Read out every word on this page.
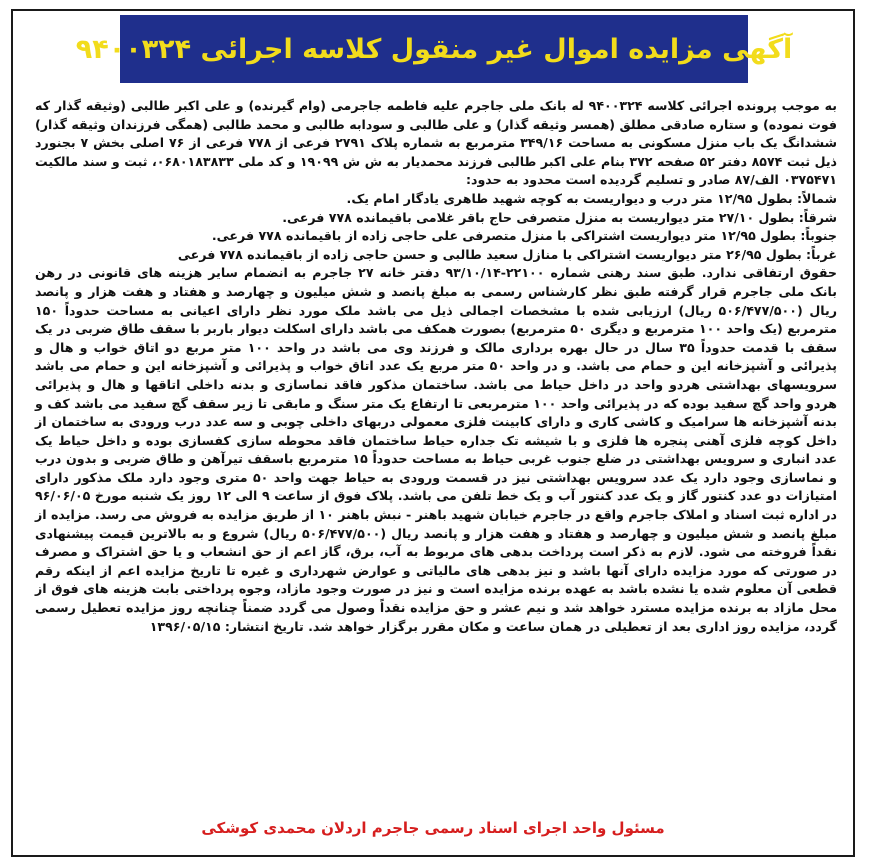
آگهی مزایده اموال غیر منقول کلاسه اجرائی ۹۴۰۰۳۲۴

به موجب پرونده اجرائی کلاسه ۹۴۰۰۳۲۴ له بانک ملی جاجرم علیه فاطمه جاجرمی (وام گیرنده) و علی اکبر طالبی (وثیقه گذار که فوت نموده) و ستاره صادقی مطلق (همسر وثیقه گذار) و علی طالبی و سودابه طالبی و محمد طالبی (همگی فرزندان وثیقه گذار) ششدانگ یک باب منزل مسکونی به مساحت ۳۴۹/۱۶ مترمربع به شماره پلاک ۲۷۹۱ فرعی از ۷۷۸ فرعی از ۷۶ اصلی بخش ۷ بجنورد ذیل ثبت ۸۵۷۴ دفتر ۵۲ صفحه ۳۷۲ بنام علی اکبر طالبی فرزند محمدیار به ش ش ۱۹۰۹۹ و کد ملی ۰۶۸۰۱۸۳۸۳۳، ثبت و سند مالکیت ۰۳۷۵۴۷۱ الف/۸۷ صادر و تسلیم گردیده است محدود به حدود:

شمالاً: بطول ۱۲/۹۵ متر درب و دیواریست به کوچه شهید طاهری یادگار امام یک.

شرقاً: بطول ۲۷/۱۰ متر دیواریست به منزل متصرفی حاج باقر غلامی باقیمانده ۷۷۸ فرعی.

جنوباً: بطول ۱۲/۹۵ متر دیواریست اشتراکی با منزل متصرفی علی حاجی زاده از باقیمانده ۷۷۸ فرعی.

غرباً: بطول ۲۶/۹۵ متر دیواریست اشتراکی با منازل سعید طالبی و حسن حاجی زاده از باقیمانده ۷۷۸ فرعی

حقوق ارتفاقی ندارد. طبق سند رهنی شماره ۲۲۱۰۰-۹۳/۱۰/۱۴ دفتر خانه ۲۷ جاجرم به انضمام سایر هزینه های قانونی در رهن بانک ملی جاجرم قرار گرفته طبق نظر کارشناس رسمی به مبلغ پانصد و شش میلیون و چهارصد و هفتاد و هفت هزار و پانصد ریال (۵۰۶/۴۷۷/۵۰۰ ریال) ارزیابی شده با مشخصات اجمالی ذیل می باشد ملک مورد نظر دارای اعیانی به مساحت حدوداً ۱۵۰ مترمربع (یک واحد ۱۰۰ مترمربع و دیگری ۵۰ مترمربع) بصورت همکف می باشد دارای اسکلت دیوار باربر با سقف طاق ضربی در یک سقف با قدمت حدوداً ۳۵ سال در حال بهره برداری مالک و فرزند وی می باشد در واحد ۱۰۰ متر مربع دو اتاق خواب و هال و پذیرائی و آشپزخانه این و حمام می باشد. و در واحد ۵۰ متر مربع یک عدد اتاق خواب و پذیرائی و آشپزخانه این و حمام می باشد سرویسهای بهداشتی هردو واحد در داخل حیاط می باشد. ساختمان مذکور فاقد نماسازی و بدنه داخلی اتاقها و هال و پذیرائی هردو واحد گچ سفید بوده که در پذیرائی واحد ۱۰۰ مترمربعی تا ارتفاع یک متر سنگ و مابقی تا زیر سقف گچ سفید می باشد کف و بدنه آشپزخانه ها سرامیک و کاشی کاری و دارای کابینت فلزی معمولی دربهای داخلی چوبی و سه عدد درب ورودی به ساختمان از داخل کوچه فلزی آهنی پنجره ها فلزی و با شیشه تک جداره حیاط ساختمان فاقد محوطه سازی کفسازی بوده و داخل حیاط یک عدد انباری و سرویس بهداشتی در ضلع جنوب غربی حیاط به مساحت حدوداً ۱۵ مترمربع باسقف تیرآهن و طاق ضربی و بدون درب و نماسازی وجود دارد یک عدد سرویس بهداشتی نیز در قسمت ورودی به حیاط جهت واحد ۵۰ متری وجود دارد ملک مذکور دارای امتیازات دو عدد کنتور گاز و یک عدد کنتور آب و یک خط تلفن می باشد. پلاک فوق از ساعت ۹ الی ۱۲ روز یک شنبه مورخ ۹۶/۰۶/۰۵ در اداره ثبت اسناد و املاک جاجرم واقع در جاجرم خیابان شهید باهنر - نبش باهنر ۱۰ از طریق مزایده به فروش می رسد. مزایده از مبلغ پانصد و شش میلیون و چهارصد و هفتاد و هفت هزار و پانصد ریال (۵۰۶/۴۷۷/۵۰۰ ریال) شروع و به بالاترین قیمت پیشنهادی نقداً فروخته می شود. لازم به ذکر است پرداخت بدهی های مربوط به آب، برق، گاز اعم از حق انشعاب و یا حق اشتراک و مصرف در صورتی که مورد مزایده دارای آنها باشد و نیز بدهی های مالیاتی و عوارض شهرداری و غیره تا تاریخ مزایده اعم از اینکه رقم قطعی آن معلوم شده یا نشده باشد به عهده برنده مزایده است و نیز در صورت وجود مازاد، وجوه پرداختی بابت هزینه های فوق از محل مازاد به برنده مزایده مسترد خواهد شد و نیم عشر و حق مزایده نقداً وصول می گردد ضمناً چنانچه روز مزایده تعطیل رسمی گردد، مزایده روز اداری بعد از تعطیلی در همان ساعت و مکان مقرر برگزار خواهد شد. تاریخ انتشار: ۱۳۹۶/۰۵/۱۵

مسئول واحد اجرای اسناد رسمی جاجرم اردلان محمدی کوشکی
